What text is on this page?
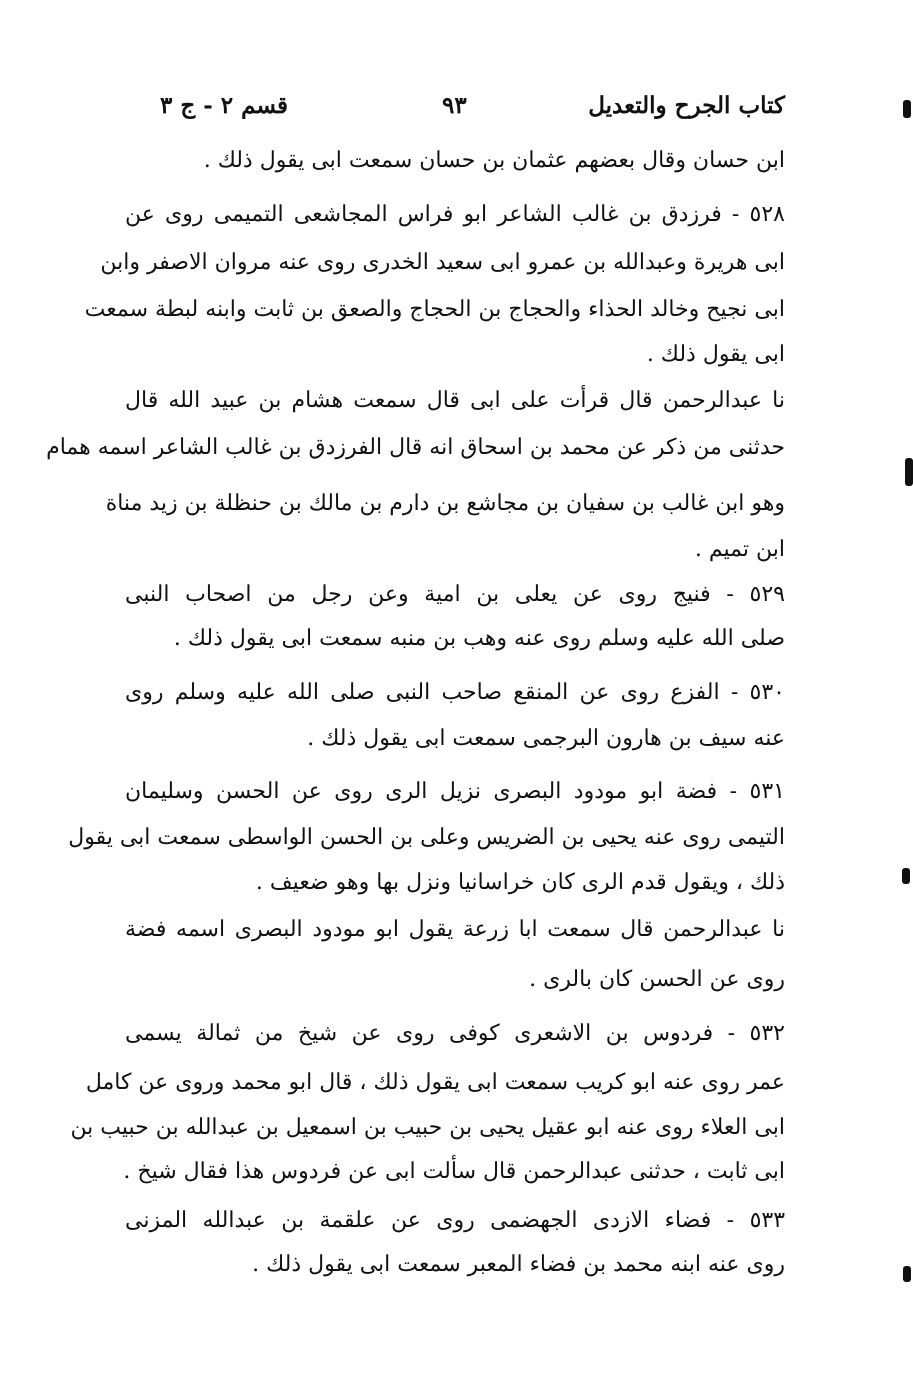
كتاب الجرح والتعديل
٩٣
قسم ٢ - ج ٣
ابن حسان وقال بعضهم عثمان بن حسان سمعت ابى يقول ذلك .
٥٢٨ - فرزدق بن غالب الشاعر ابو فراس المجاشعى التميمى روى عن
ابى هريرة وعبدالله بن عمرو ابى سعيد الخدرى روى عنه مروان الاصفر وابن
ابى نجيح وخالد الحذاء والحجاج بن الحجاج والصعق بن ثابت وابنه لبطة سمعت
ابى يقول ذلك .
نا عبدالرحمن قال قرأت على ابى قال سمعت هشام بن عبيد الله قال
حدثنى من ذكر عن محمد بن اسحاق انه قال الفرزدق بن غالب الشاعر اسمه همام
وهو ابن غالب بن سفيان بن مجاشع بن دارم بن مالك بن حنظلة بن زيد مناة
ابن تميم .
٥٢٩ - فنيج روى عن يعلى بن امية وعن رجل من اصحاب النبى
صلى الله عليه وسلم روى عنه وهب بن منبه سمعت ابى يقول ذلك .
٥٣٠ - الفزع روى عن المنقع صاحب النبى صلى الله عليه وسلم روى
عنه سيف بن هارون البرجمى سمعت ابى يقول ذلك .
٥٣١ - فضة ابو مودود البصرى نزيل الرى روى عن الحسن وسليمان
التيمى روى عنه يحيى بن الضريس وعلى بن الحسن الواسطى سمعت ابى يقول
ذلك ، ويقول قدم الرى كان خراسانيا ونزل بها وهو ضعيف .
نا عبدالرحمن قال سمعت ابا زرعة يقول ابو مودود البصرى اسمه فضة
روى عن الحسن كان بالرى .
٥٣٢ - فردوس بن الاشعرى كوفى روى عن شيخ من ثمالة يسمى
عمر روى عنه ابو كريب سمعت ابى يقول ذلك ، قال ابو محمد وروى عن كامل
ابى العلاء روى عنه ابو عقيل يحيى بن حبيب بن اسمعيل بن عبدالله بن حبيب بن
ابى ثابت ، حدثنى عبدالرحمن قال سألت ابى عن فردوس هذا فقال شيخ .
٥٣٣ - فضاء الازدى الجهضمى روى عن علقمة بن عبدالله المزنى
روى عنه ابنه محمد بن فضاء المعبر سمعت ابى يقول ذلك .
